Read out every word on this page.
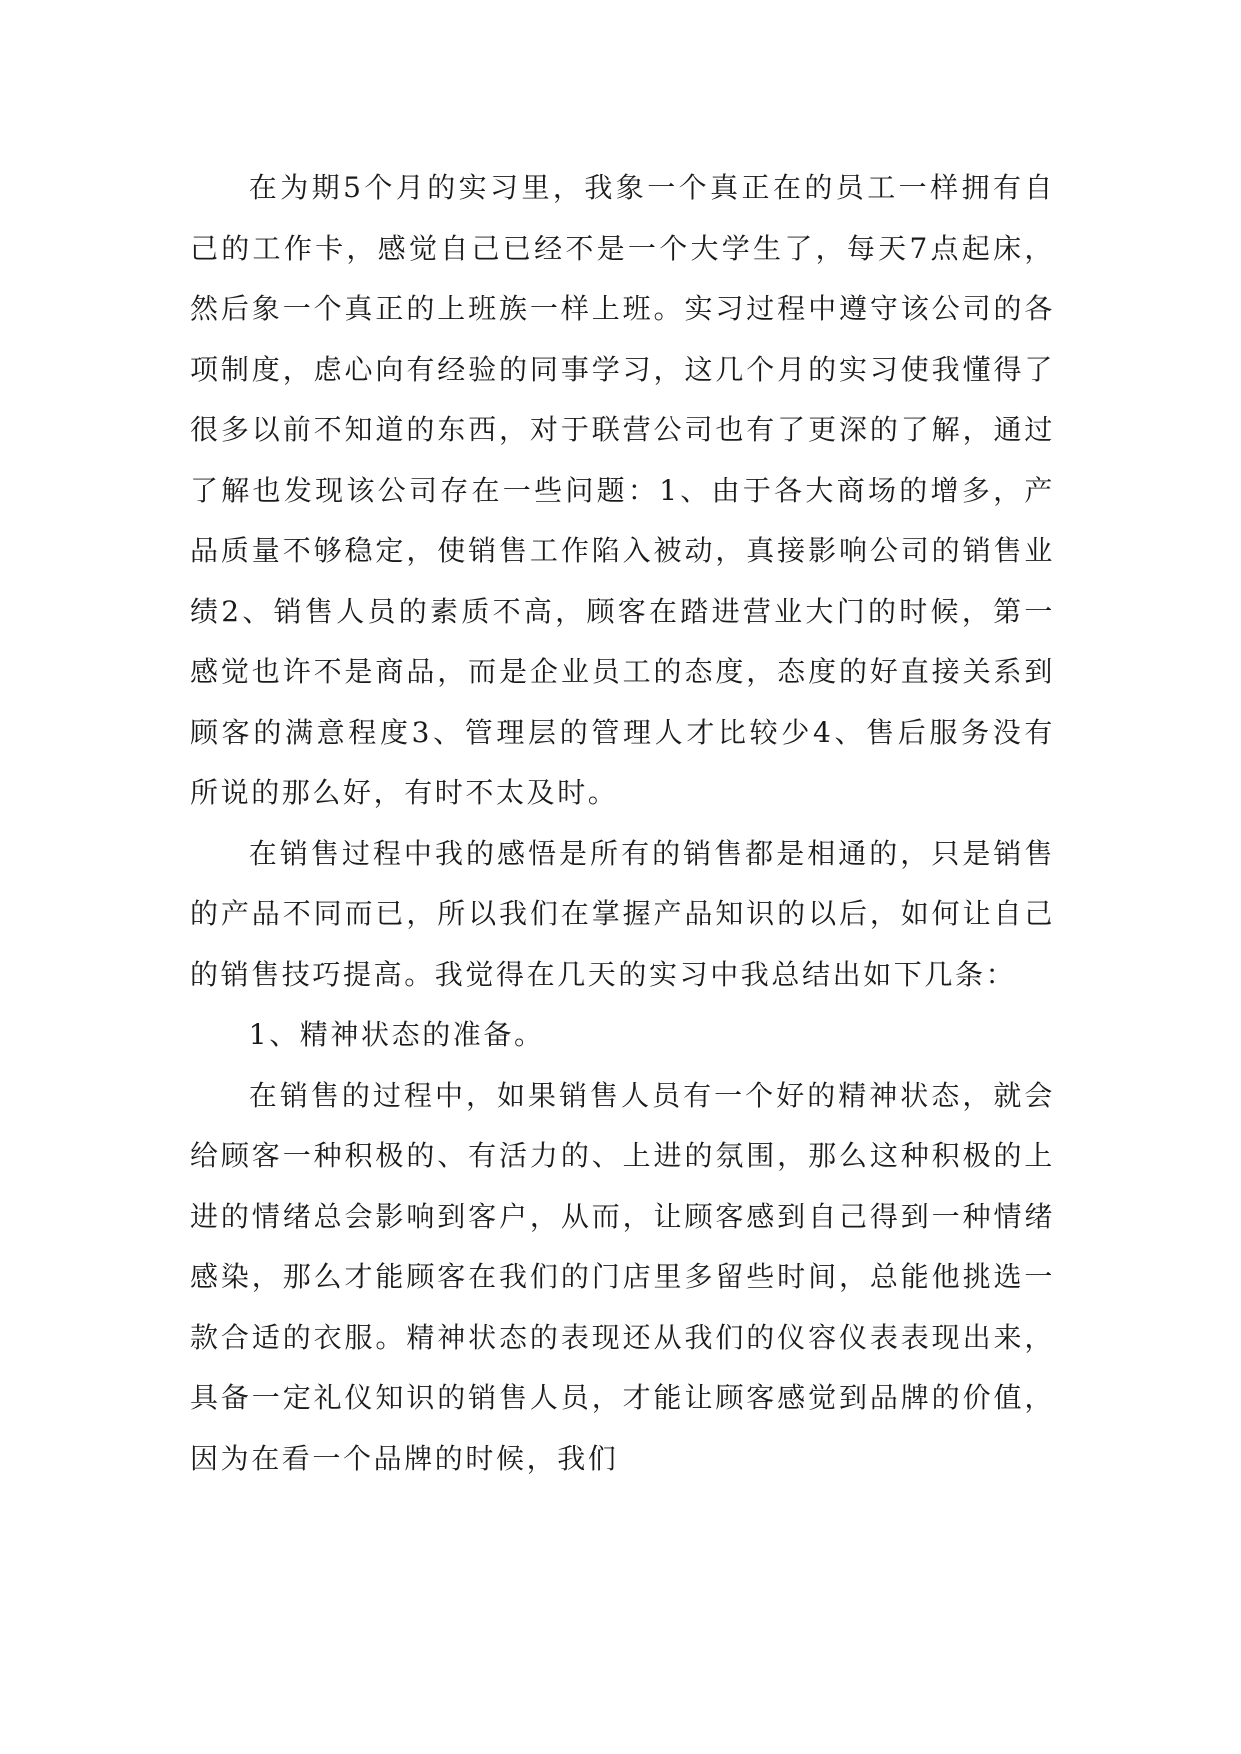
在为期5个月的实习里，我象一个真正在的员工一样拥有自己的工作卡，感觉自己已经不是一个大学生了，每天7点起床，然后象一个真正的上班族一样上班。实习过程中遵守该公司的各项制度，虑心向有经验的同事学习，这几个月的实习使我懂得了很多以前不知道的东西，对于联营公司也有了更深的了解，通过了解也发现该公司存在一些问题：1、由于各大商场的增多，产品质量不够稳定，使销售工作陷入被动，真接影响公司的销售业绩2、销售人员的素质不高，顾客在踏进营业大门的时候，第一感觉也许不是商品，而是企业员工的态度，态度的好直接关系到顾客的满意程度3、管理层的管理人才比较少4、售后服务没有所说的那么好，有时不太及时。

在销售过程中我的感悟是所有的销售都是相通的，只是销售的产品不同而已，所以我们在掌握产品知识的以后，如何让自己的销售技巧提高。我觉得在几天的实习中我总结出如下几条：

1、精神状态的准备。

在销售的过程中，如果销售人员有一个好的精神状态，就会给顾客一种积极的、有活力的、上进的氛围，那么这种积极的上进的情绪总会影响到客户，从而，让顾客感到自己得到一种情绪感染，那么才能顾客在我们的门店里多留些时间，总能他挑选一款合适的衣服。精神状态的表现还从我们的仪容仪表表现出来，具备一定礼仪知识的销售人员，才能让顾客感觉到品牌的价值，因为在看一个品牌的时候，我们
